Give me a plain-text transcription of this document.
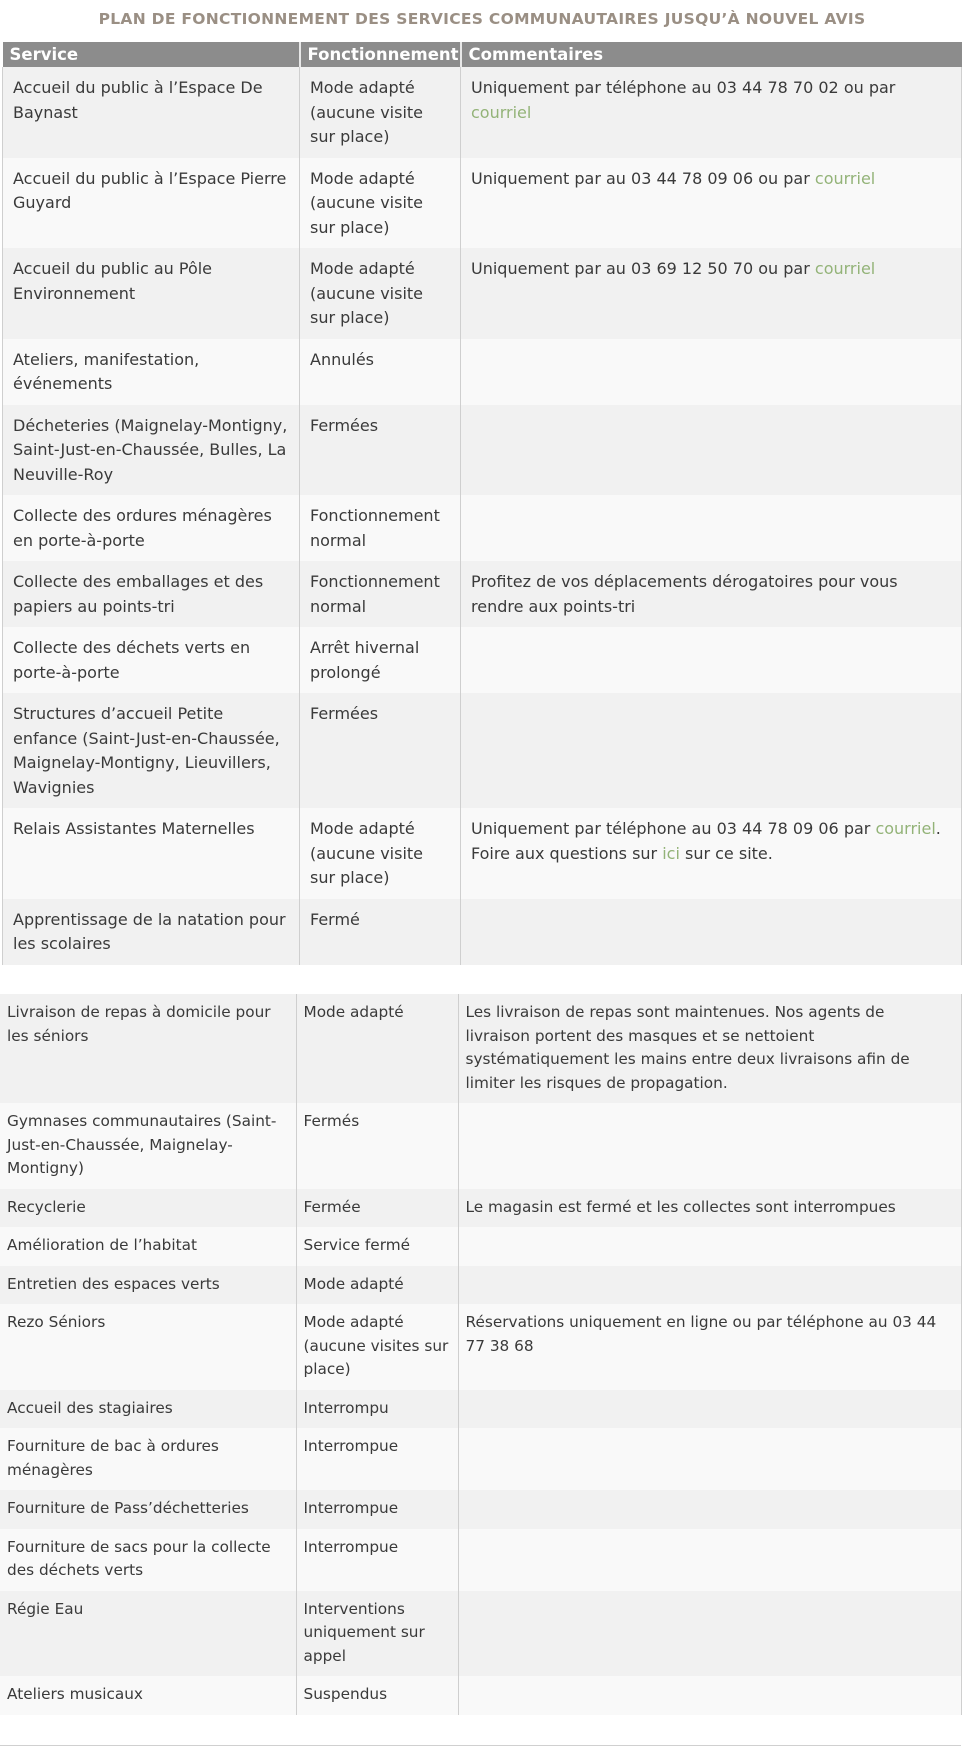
PLAN DE FONCTIONNEMENT DES SERVICES COMMUNAUTAIRES JUSQU’À NOUVEL AVIS
Service	Fonctionnement	Commentaires
Accueil du public à l’Espace De Baynast	Mode adapté (aucune visite sur place)	Uniquement par téléphone au 03 44 78 70 02 ou par courriel
Accueil du public à l’Espace Pierre Guyard	Mode adapté (aucune visite sur place)	Uniquement par au 03 44 78 09 06 ou par courriel
Accueil du public au Pôle Environnement	Mode adapté (aucune visite sur place)	Uniquement par au 03 69 12 50 70 ou par courriel
Ateliers, manifestation, événements	Annulés	
Décheteries (Maignelay-Montigny, Saint-Just-en-Chaussée, Bulles, La Neuville-Roy	Fermées	
Collecte des ordures ménagères en porte-à-porte	Fonctionnement normal	
Collecte des emballages et des papiers au points-tri	Fonctionnement normal	Profitez de vos déplacements dérogatoires pour vous rendre aux points-tri
Collecte des déchets verts en porte-à-porte	Arrêt hivernal prolongé	
Structures d’accueil Petite enfance (Saint-Just-en-Chaussée, Maignelay-Montigny, Lieuvillers, Wavignies	Fermées	
Relais Assistantes Maternelles	Mode adapté (aucune visite sur place)	Uniquement par téléphone au 03 44 78 09 06 par courriel. Foire aux questions sur ici sur ce site.
Apprentissage de la natation pour les scolaires	Fermé	
Livraison de repas à domicile pour les séniors	Mode adapté	Les livraison de repas sont maintenues. Nos agents de livraison portent des masques et se nettoient systématiquement les mains entre deux livraisons afin de limiter les risques de propagation.
Gymnases communautaires (Saint-Just-en-Chaussée, Maignelay-Montigny)	Fermés	
Recyclerie	Fermée	Le magasin est fermé et les collectes sont interrompues
Amélioration de l’habitat	Service fermé	
Entretien des espaces verts	Mode adapté	
Rezo Séniors	Mode adapté (aucune visites sur place)	Réservations uniquement en ligne ou par téléphone au 03 44 77 38 68
Accueil des stagiaires	Interrompu	
Fourniture de bac à ordures ménagères	Interrompue	
Fourniture de Pass’déchetteries	Interrompue	
Fourniture de sacs pour la collecte des déchets verts	Interrompue	
Régie Eau	Interventions uniquement sur appel	
Ateliers musicaux	Suspendus	
